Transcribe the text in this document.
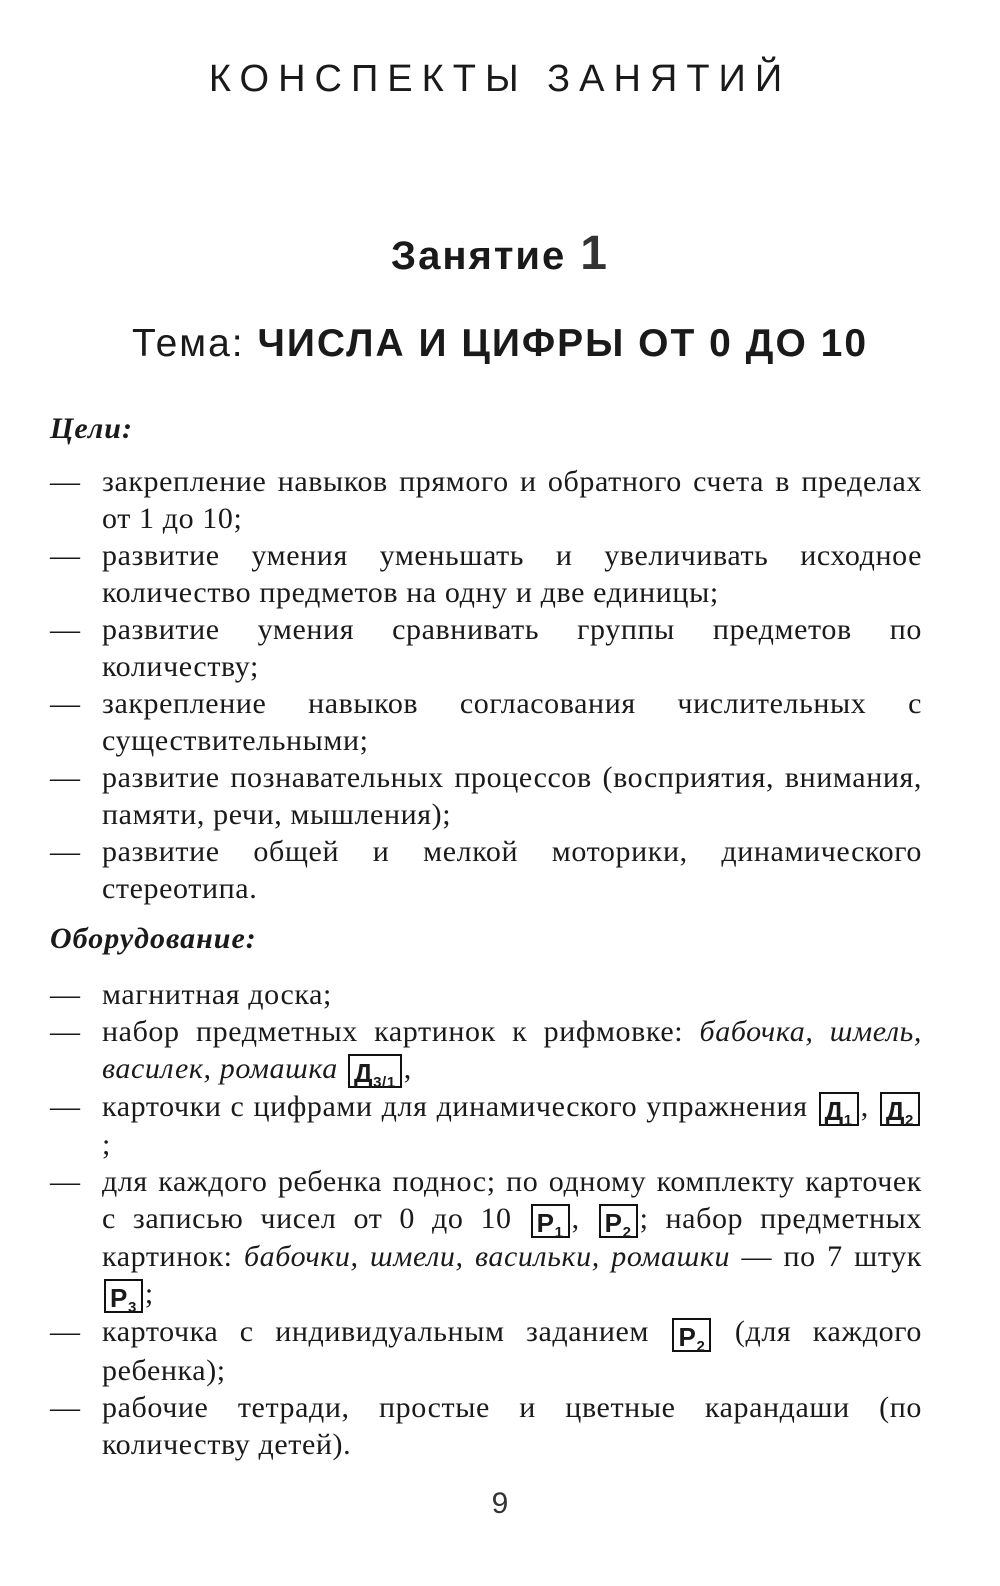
КОНСПЕКТЫ ЗАНЯТИЙ
Занятие 1
Тема: ЧИСЛА И ЦИФРЫ ОТ 0 ДО 10
Цели:
— закрепление навыков прямого и обратного счета в пределах от 1 до 10;
— развитие умения уменьшать и увеличивать исходное количество предметов на одну и две единицы;
— развитие умения сравнивать группы предметов по количеству;
— закрепление навыков согласования числительных с существительными;
— развитие познавательных процессов (восприятия, внимания, памяти, речи, мышления);
— развитие общей и мелкой моторики, динамического стереотипа.
Оборудование:
— магнитная доска;
— набор предметных картинок к рифмовке: бабочка, шмель, василек, ромашка $Д_{3/1}$ ,
— карточки с цифрами для динамического упражнения $Д_1$ , $Д_2$;
— для каждого ребенка поднос; по одному комплекту карточек с записью чисел от 0 до 10 $Р_1$ , $Р_2$ ; набор предметных картинок: бабочки, шмели, васильки, ромашки — по 7 штук $Р_3$ ;
— карточка с индивидуальным заданием $Р_2$ (для каждого ребенка);
— рабочие тетради, простые и цветные карандаши (по количеству детей).
9
